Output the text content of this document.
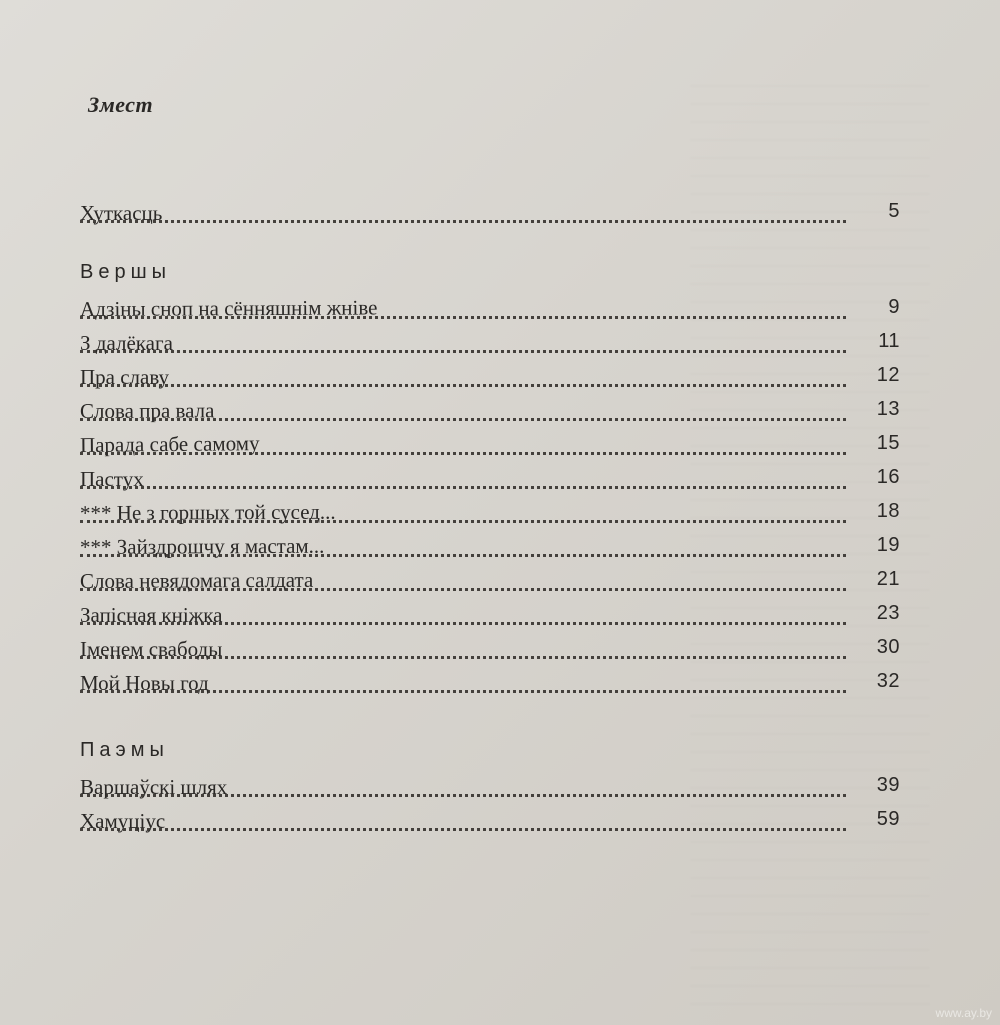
Змест
Хуткасць	5
Вершы
Адзіны сноп на сённяшнім жніве	9
З далёкага	11
Пра славу	12
Слова пра вала	13
Парада сабе самому	15
Пастух	16
*** Не з горшых той сусед...	18
*** Зайздрошчу я мастам...	19
Слова невядомага салдата	21
Запісная кніжка	23
Іменем свабоды	30
Мой Новы год	32
Паэмы
Варшаўскі шлях	39
Хамуціус	59
www.ay.by
